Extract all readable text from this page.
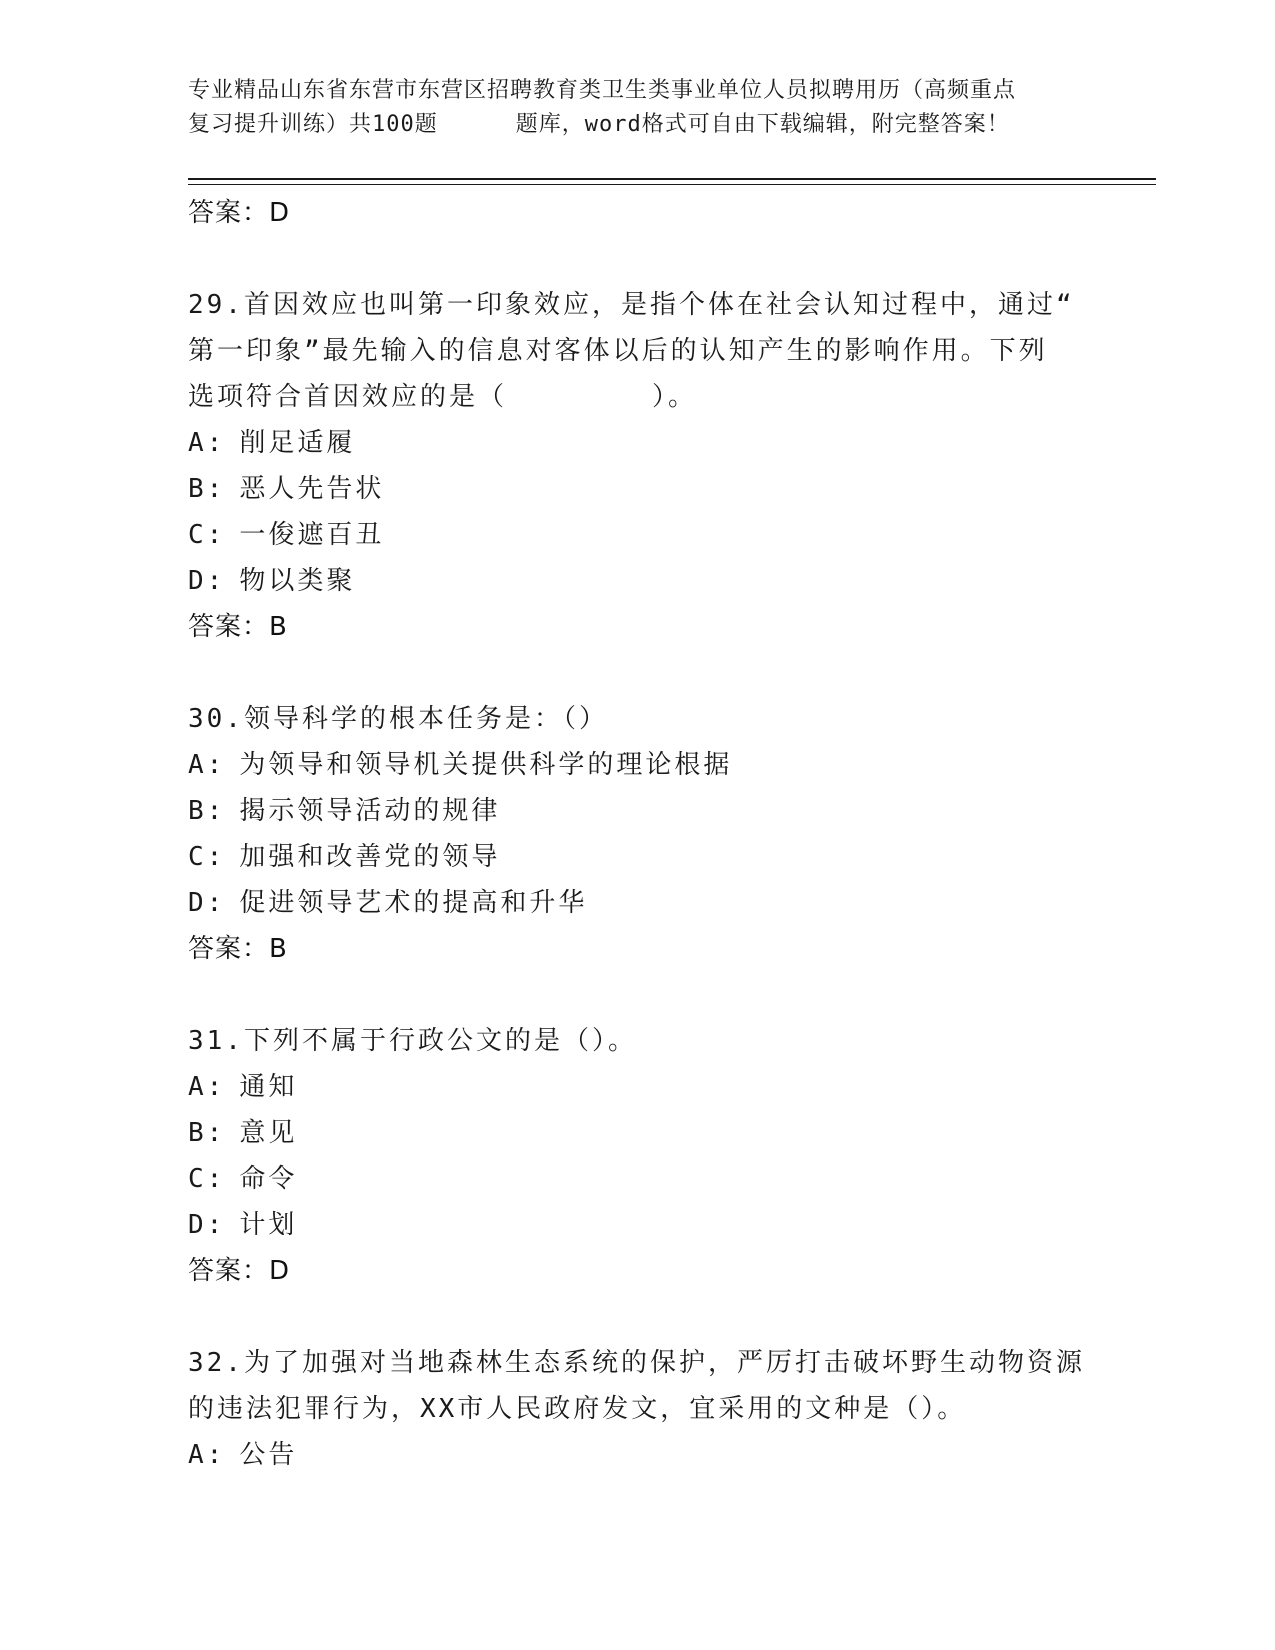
专业精品山东省东营市东营区招聘教育类卫生类事业单位人员拟聘用历（高频重点
复习提升训练）共100题	题库，word格式可自由下载编辑，附完整答案！
答案：D
29.首因效应也叫第一印象效应，是指个体在社会认知过程中，通过“
第一印象”最先输入的信息对客体以后的认知产生的影响作用。下列
选项符合首因效应的是（　　　　　）。
A: 削足适履
B: 恶人先告状
C: 一俊遮百丑
D: 物以类聚
答案：B
30.领导科学的根本任务是：（）
A: 为领导和领导机关提供科学的理论根据
B: 揭示领导活动的规律
C: 加强和改善党的领导
D: 促进领导艺术的提高和升华
答案：B
31.下列不属于行政公文的是（）。
A: 通知
B: 意见
C: 命令
D: 计划
答案：D
32.为了加强对当地森林生态系统的保护，严厉打击破坏野生动物资源
的违法犯罪行为，XX市人民政府发文，宜采用的文种是（）。
A: 公告
